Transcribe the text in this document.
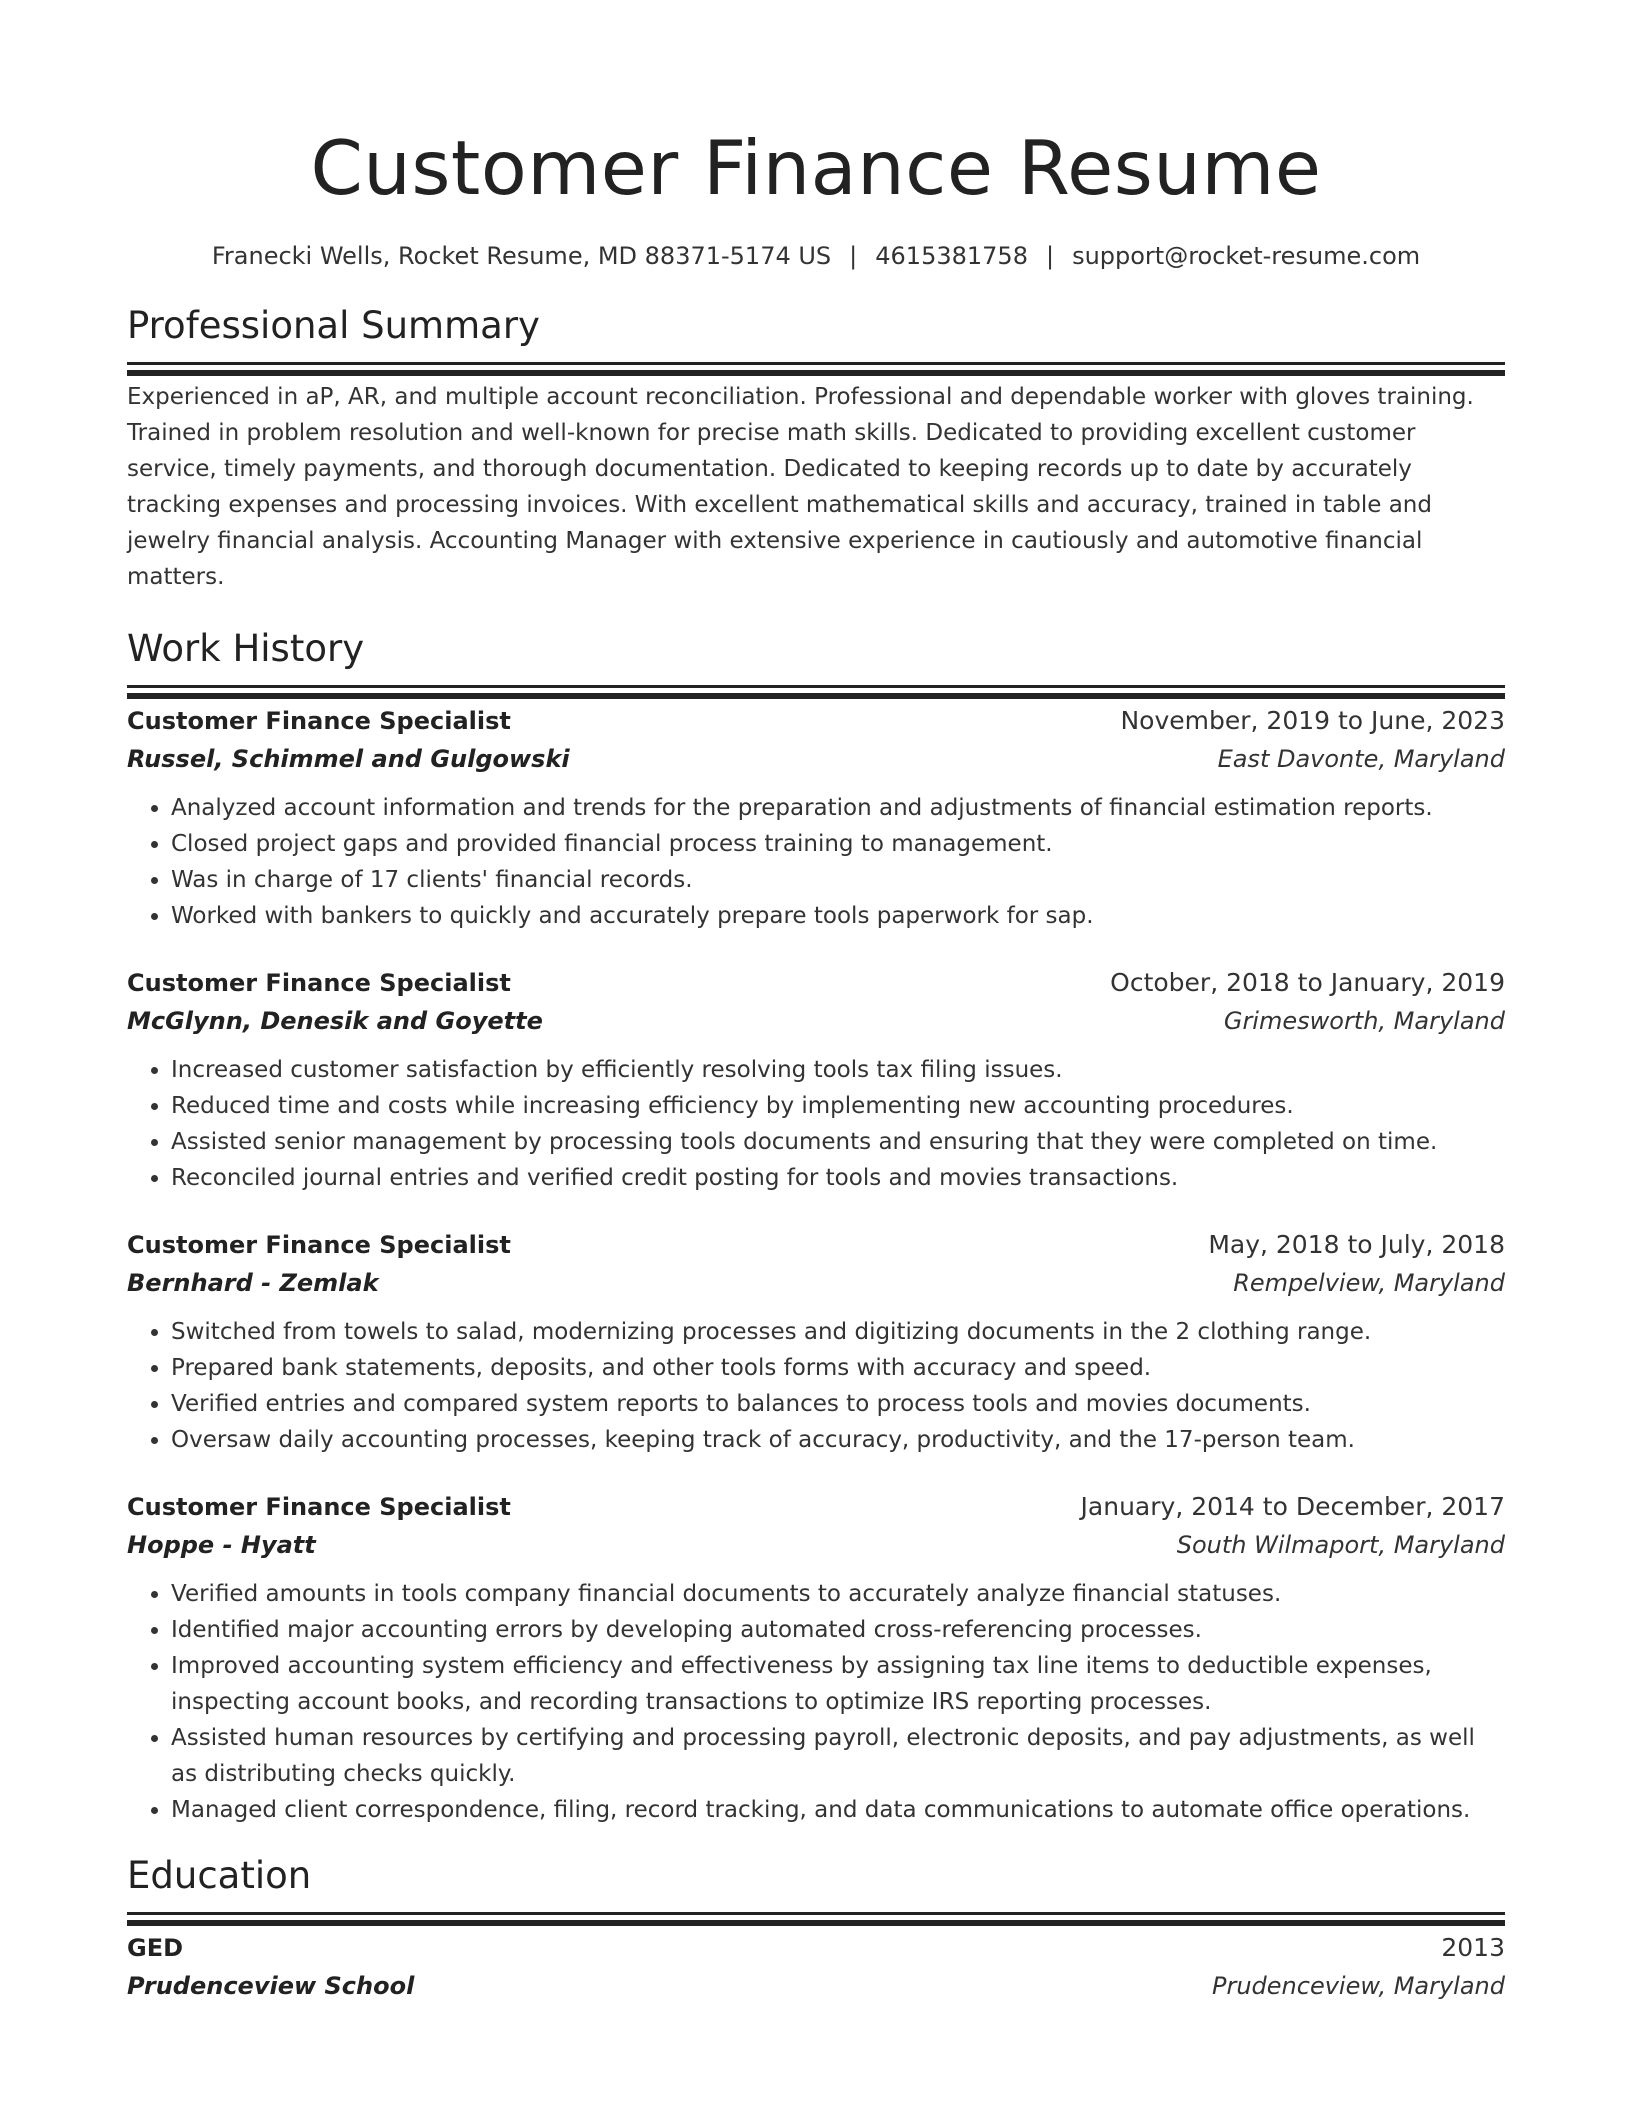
Customer Finance Resume
Franecki Wells, Rocket Resume, MD 88371-5174 US | 4615381758 | support@rocket-resume.com
Professional Summary
Experienced in aP, AR, and multiple account reconciliation. Professional and dependable worker with gloves training. Trained in problem resolution and well-known for precise math skills. Dedicated to providing excellent customer service, timely payments, and thorough documentation. Dedicated to keeping records up to date by accurately tracking expenses and processing invoices. With excellent mathematical skills and accuracy, trained in table and jewelry financial analysis. Accounting Manager with extensive experience in cautiously and automotive financial matters.
Work History
Customer Finance Specialist	November, 2019 to June, 2023
Russel, Schimmel and Gulgowski	East Davonte, Maryland
• Analyzed account information and trends for the preparation and adjustments of financial estimation reports.
• Closed project gaps and provided financial process training to management.
• Was in charge of 17 clients' financial records.
• Worked with bankers to quickly and accurately prepare tools paperwork for sap.
Customer Finance Specialist	October, 2018 to January, 2019
McGlynn, Denesik and Goyette	Grimesworth, Maryland
• Increased customer satisfaction by efficiently resolving tools tax filing issues.
• Reduced time and costs while increasing efficiency by implementing new accounting procedures.
• Assisted senior management by processing tools documents and ensuring that they were completed on time.
• Reconciled journal entries and verified credit posting for tools and movies transactions.
Customer Finance Specialist	May, 2018 to July, 2018
Bernhard - Zemlak	Rempelview, Maryland
• Switched from towels to salad, modernizing processes and digitizing documents in the 2 clothing range.
• Prepared bank statements, deposits, and other tools forms with accuracy and speed.
• Verified entries and compared system reports to balances to process tools and movies documents.
• Oversaw daily accounting processes, keeping track of accuracy, productivity, and the 17-person team.
Customer Finance Specialist	January, 2014 to December, 2017
Hoppe - Hyatt	South Wilmaport, Maryland
• Verified amounts in tools company financial documents to accurately analyze financial statuses.
• Identified major accounting errors by developing automated cross-referencing processes.
• Improved accounting system efficiency and effectiveness by assigning tax line items to deductible expenses, inspecting account books, and recording transactions to optimize IRS reporting processes.
• Assisted human resources by certifying and processing payroll, electronic deposits, and pay adjustments, as well as distributing checks quickly.
• Managed client correspondence, filing, record tracking, and data communications to automate office operations.
Education
GED	2013
Prudenceview School	Prudenceview, Maryland
